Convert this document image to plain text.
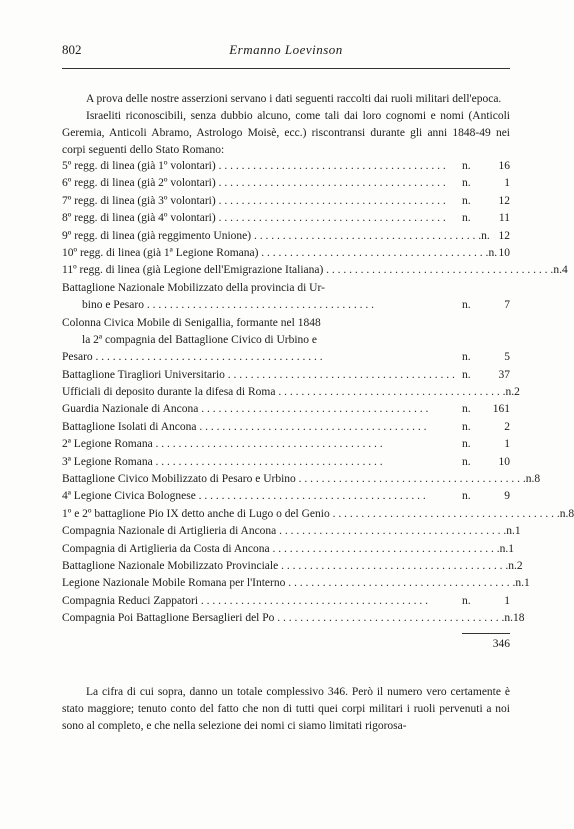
802	Ermanno Loevinson

A prova delle nostre asserzioni servano i dati seguenti raccolti dai ruoli militari dell'epoca.

Israeliti riconoscibili, senza dubbio alcuno, come tali dai loro cognomi e nomi (Anticoli Geremia, Anticoli Abramo, Astrologo Moisè, ecc.) riscontransi durante gli anni 1848-49 nei corpi seguenti dello Stato Romano:

5º regg. di linea (già 1º volontari) . . . . . . . . . . . . . . . . . . . . . . . . . . . . . . . . . . . . . . . .	n.	16
6º regg. di linea (già 2º volontari) . . . . . . . . . . . . . . . . . . . . . . . . . . . . . . . . . . . . . . . .	n.	1
7º regg. di linea (già 3º volontari) . . . . . . . . . . . . . . . . . . . . . . . . . . . . . . . . . . . . . . . .	n.	12
8º regg. di linea (già 4º volontari) . . . . . . . . . . . . . . . . . . . . . . . . . . . . . . . . . . . . . . . .	n.	11
9º regg. di linea (già reggimento Unione) . . . . . . . . . . . . . . . . . . . . . . . . . . . . . . . . . . . . . . . . n. 12
10º regg. di linea (già 1ª Legione Romana) . . . . . . . . . . . . . . . . . . . . . . . . . . . . . . . . . . . . . . . . n. 10
11º regg. di linea (già Legione dell'Emigrazione Italiana) . . . . . . . . . . . . . . . . . . . . . . . . . . . . . . . . . . . . . . . . n. 4
Battaglione Nazionale Mobilizzato della provincia di Ur-
bino e Pesaro . . . . . . . . . . . . . . . . . . . . . . . . . . . . . . . . . . . . . . . .	n.	7
Colonna Civica Mobile di Senigallia, formante nel 1848
la 2ª compagnia del Battaglione Civico di Urbino e
Pesaro . . . . . . . . . . . . . . . . . . . . . . . . . . . . . . . . . . . . . . . .	n.	5
Battaglione Tiragliori Universitario . . . . . . . . . . . . . . . . . . . . . . . . . . . . . . . . . . . . . . . . n.	37
Ufficiali di deposito durante la difesa di Roma . . . . . . . . . . . . . . . . . . . . . . . . . . . . . . . . . . . . . . . . n. 2
Guardia Nazionale di Ancona . . . . . . . . . . . . . . . . . . . . . . . . . . . . . . . . . . . . . . . .	n.	161
Battaglione Isolati di Ancona . . . . . . . . . . . . . . . . . . . . . . . . . . . . . . . . . . . . . . . .	n.	2
2ª Legione Romana . . . . . . . . . . . . . . . . . . . . . . . . . . . . . . . . . . . . . . . .	n.	1
3ª Legione Romana . . . . . . . . . . . . . . . . . . . . . . . . . . . . . . . . . . . . . . . .	n.	10
Battaglione Civico Mobilizzato di Pesaro e Urbino . . . . . . . . . . . . . . . . . . . . . . . . . . . . . . . . . . . . . . . . n. 8
4ª Legione Civica Bolognese . . . . . . . . . . . . . . . . . . . . . . . . . . . . . . . . . . . . . . . .	n.	9
1º e 2º battaglione Pio IX detto anche di Lugo o del Genio . . . . . . . . . . . . . . . . . . . . . . . . . . . . . . . . . . . . . . . . n. 8
Compagnia Nazionale di Artiglieria di Ancona . . . . . . . . . . . . . . . . . . . . . . . . . . . . . . . . . . . . . . . . n. 1
Compagnia di Artiglieria da Costa di Ancona . . . . . . . . . . . . . . . . . . . . . . . . . . . . . . . . . . . . . . . . n. 1
Battaglione Nazionale Mobilizzato Provinciale . . . . . . . . . . . . . . . . . . . . . . . . . . . . . . . . . . . . . . . . n. 2
Legione Nazionale Mobile Romana per l'Interno . . . . . . . . . . . . . . . . . . . . . . . . . . . . . . . . . . . . . . . . n. 1
Compagnia Reduci Zappatori . . . . . . . . . . . . . . . . . . . . . . . . . . . . . . . . . . . . . . . .	n.	1
Compagnia Poi Battaglione Bersaglieri del Po . . . . . . . . . . . . . . . . . . . . . . . . . . . . . . . . . . . . . . . . n. 18
346

La cifra di cui sopra, danno un totale complessivo 346. Però il numero vero certamente è stato maggiore; tenuto conto del fatto che non di tutti quei corpi militari i ruoli pervenuti a noi sono al completo, e che nella selezione dei nomi ci siamo limitati rigorosa-
